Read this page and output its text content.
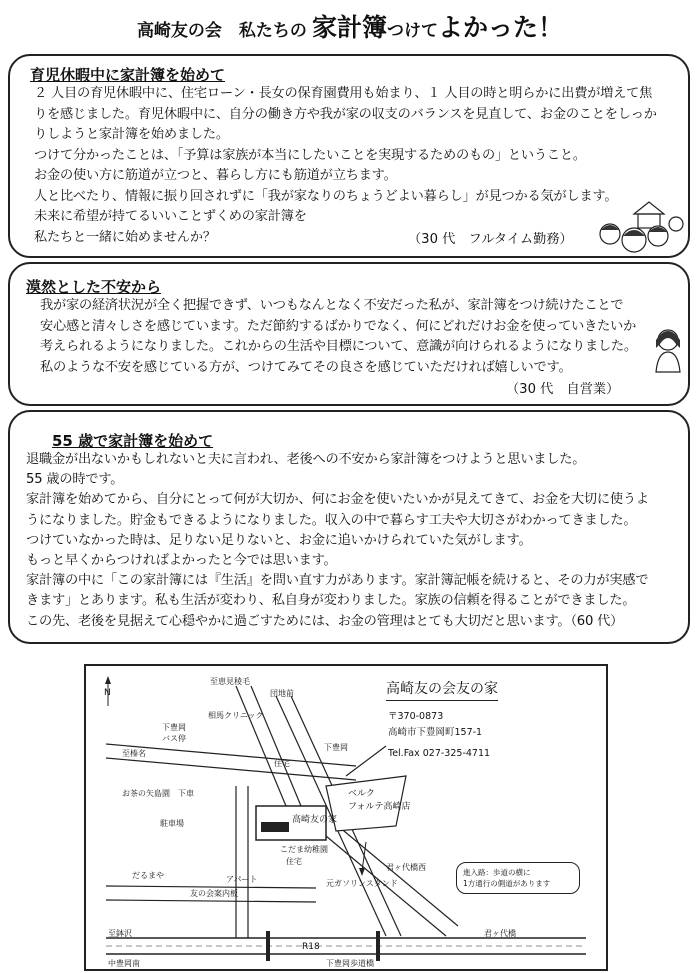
高崎友の会　私たちの 家計簿つけてよかった！
育児休暇中に家計簿を始めて

２ 人目の育児休暇中に、住宅ローン・長女の保育園費用も始まり、１ 人目の時と明らかに出費が増えて焦
りを感じました。育児休暇中に、自分の働き方や我が家の収支のバランスを見直して、お金のことをしっか
りしようと家計簿を始めました。
つけて分かったことは、「予算は家族が本当にしたいことを実現するためのもの」ということ。
お金の使い方に筋道が立つと、暮らし方にも筋道が立ちます。
人と比べたり、情報に振り回されずに「我が家なりのちょうどよい暮らし」が見つかる気がします。
未来に希望が持てるいいことずくめの家計簿を
私たちと一緒に始めませんか？	（30 代　フルタイム勤務）
漠然とした不安から

我が家の経済状況が全く把握できず、いつもなんとなく不安だった私が、家計簿をつけ続けたことで
安心感と清々しさを感じています。ただ節約するばかりでなく、何にどれだけお金を使っていきたいか
考えられるようになりました。これからの生活や目標について、意識が向けられるようになりました。
私のような不安を感じている方が、つけてみてその良さを感じていただければ嬉しいです。

（30 代　自営業）
55 歳で家計簿を始めて

退職金が出ないかもしれないと夫に言われ、老後への不安から家計簿をつけようと思いました。
55 歳の時です。
家計簿を始めてから、自分にとって何が大切か、何にお金を使いたいかが見えてきて、お金を大切に使うよ
うになりました。貯金もできるようになりました。収入の中で暮らす工夫や大切さがわかってきました。
つけていなかった時は、足りない足りないと、お金に追いかけられていた気がします。
もっと早くからつければよかったと今では思います。
家計簿の中に「この家計簿には『生活』を問い直す力があります。家計簿記帳を続けると、その力が実感で
きます」とあります。私も生活が変わり、私自身が変わりました。家族の信頼を得ることができました。
この先、老後を見据えて心穏やかに過ごすためには、お金の管理はとても大切だと思います。（60 代）

N
至恵見稜毛
団地前
相馬クリニック
下豊岡
バス停
至榛名
住宅
下豊岡
お茶の矢島園　下車	ベルク
フォルテ高崎店
駐車場	高崎友の家
こだま幼稚園
住宅
元ガソリンスタンド
君ヶ代橋西
だるまや	アパート
友の会案内板
至鉢沢
R18
君ヶ代橋
中豊岡南	下豊岡歩道橋
高崎友の会友の家
〒370-0873
高崎市下豊岡町157-1
Tel.Fax 027-325-4711
進入路：歩道の横に
1方通行の側道があります
